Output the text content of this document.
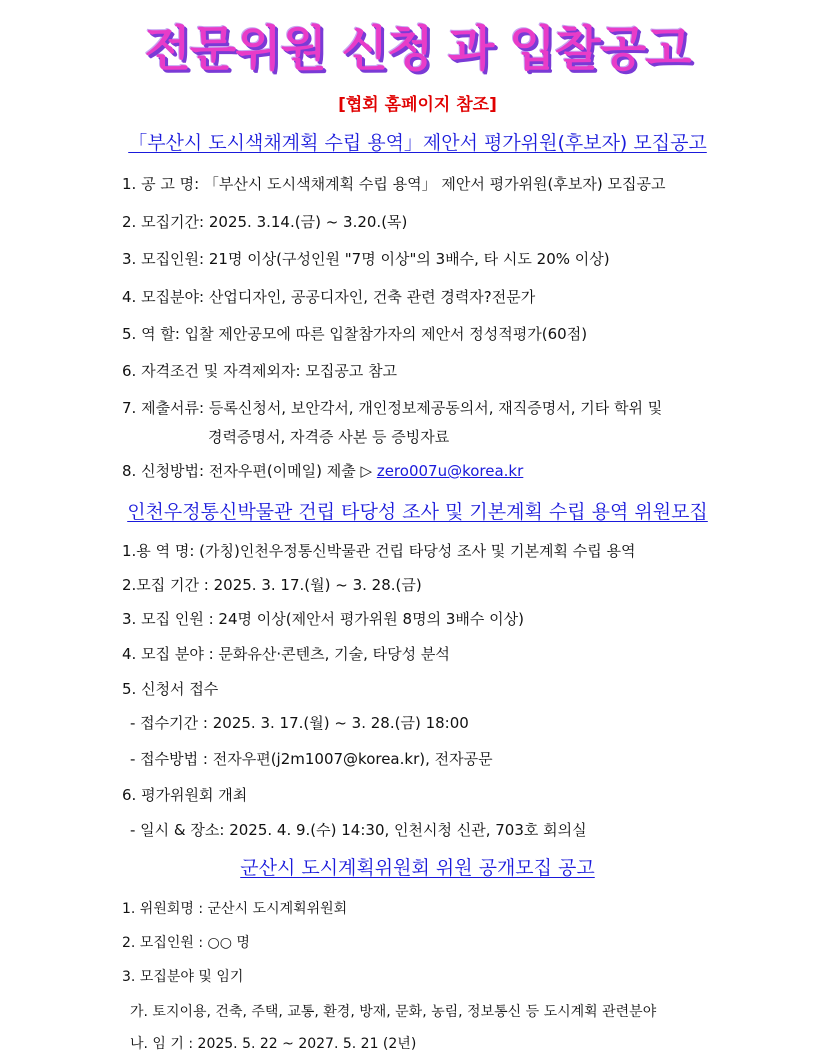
전문위원 신청 과 입찰공고
[협회 홈페이지 참조]
「부산시 도시색채계획 수립 용역」제안서 평가위원(후보자) 모집공고
1. 공 고 명: 「부산시 도시색채계획 수립 용역」 제안서 평가위원(후보자) 모집공고
2. 모집기간: 2025. 3.14.(금) ~ 3.20.(목)
3. 모집인원: 21명 이상(구성인원 "7명 이상"의 3배수, 타 시도 20% 이상)
4. 모집분야: 산업디자인, 공공디자인, 건축 관련 경력자?전문가
5. 역 할: 입찰 제안공모에 따른 입찰참가자의 제안서 정성적평가(60점)
6. 자격조건 및 자격제외자: 모집공고 참고
7. 제출서류: 등록신청서, 보안각서, 개인정보제공동의서, 재직증명서, 기타 학위 및
경력증명서, 자격증 사본 등 증빙자료
8. 신청방법: 전자우편(이메일) 제출 ▷ zero007u@korea.kr
인천우정통신박물관 건립 타당성 조사 및 기본계획 수립 용역 위원모집
1.용 역 명: (가칭)인천우정통신박물관 건립 타당성 조사 및 기본계획 수립 용역
2.모집 기간 : 2025. 3. 17.(월) ~ 3. 28.(금)
3. 모집 인원 : 24명 이상(제안서 평가위원 8명의 3배수 이상)
4. 모집 분야 : 문화유산·콘텐츠, 기술, 타당성 분석
5. 신청서 접수
- 접수기간 : 2025. 3. 17.(월) ~ 3. 28.(금) 18:00
- 접수방법 : 전자우편(j2m1007@korea.kr), 전자공문
6. 평가위원회 개최
- 일시 & 장소: 2025. 4. 9.(수) 14:30, 인천시청 신관, 703호 회의실
군산시 도시계획위원회 위원 공개모집 공고
1. 위원회명 : 군산시 도시계획위원회
2. 모집인원 : ○○ 명
3. 모집분야 및 임기
가. 토지이용, 건축, 주택, 교통, 환경, 방재, 문화, 농림, 정보통신 등 도시계획 관련분야
나. 임 기 : 2025. 5. 22 ~ 2027. 5. 21 (2년)
